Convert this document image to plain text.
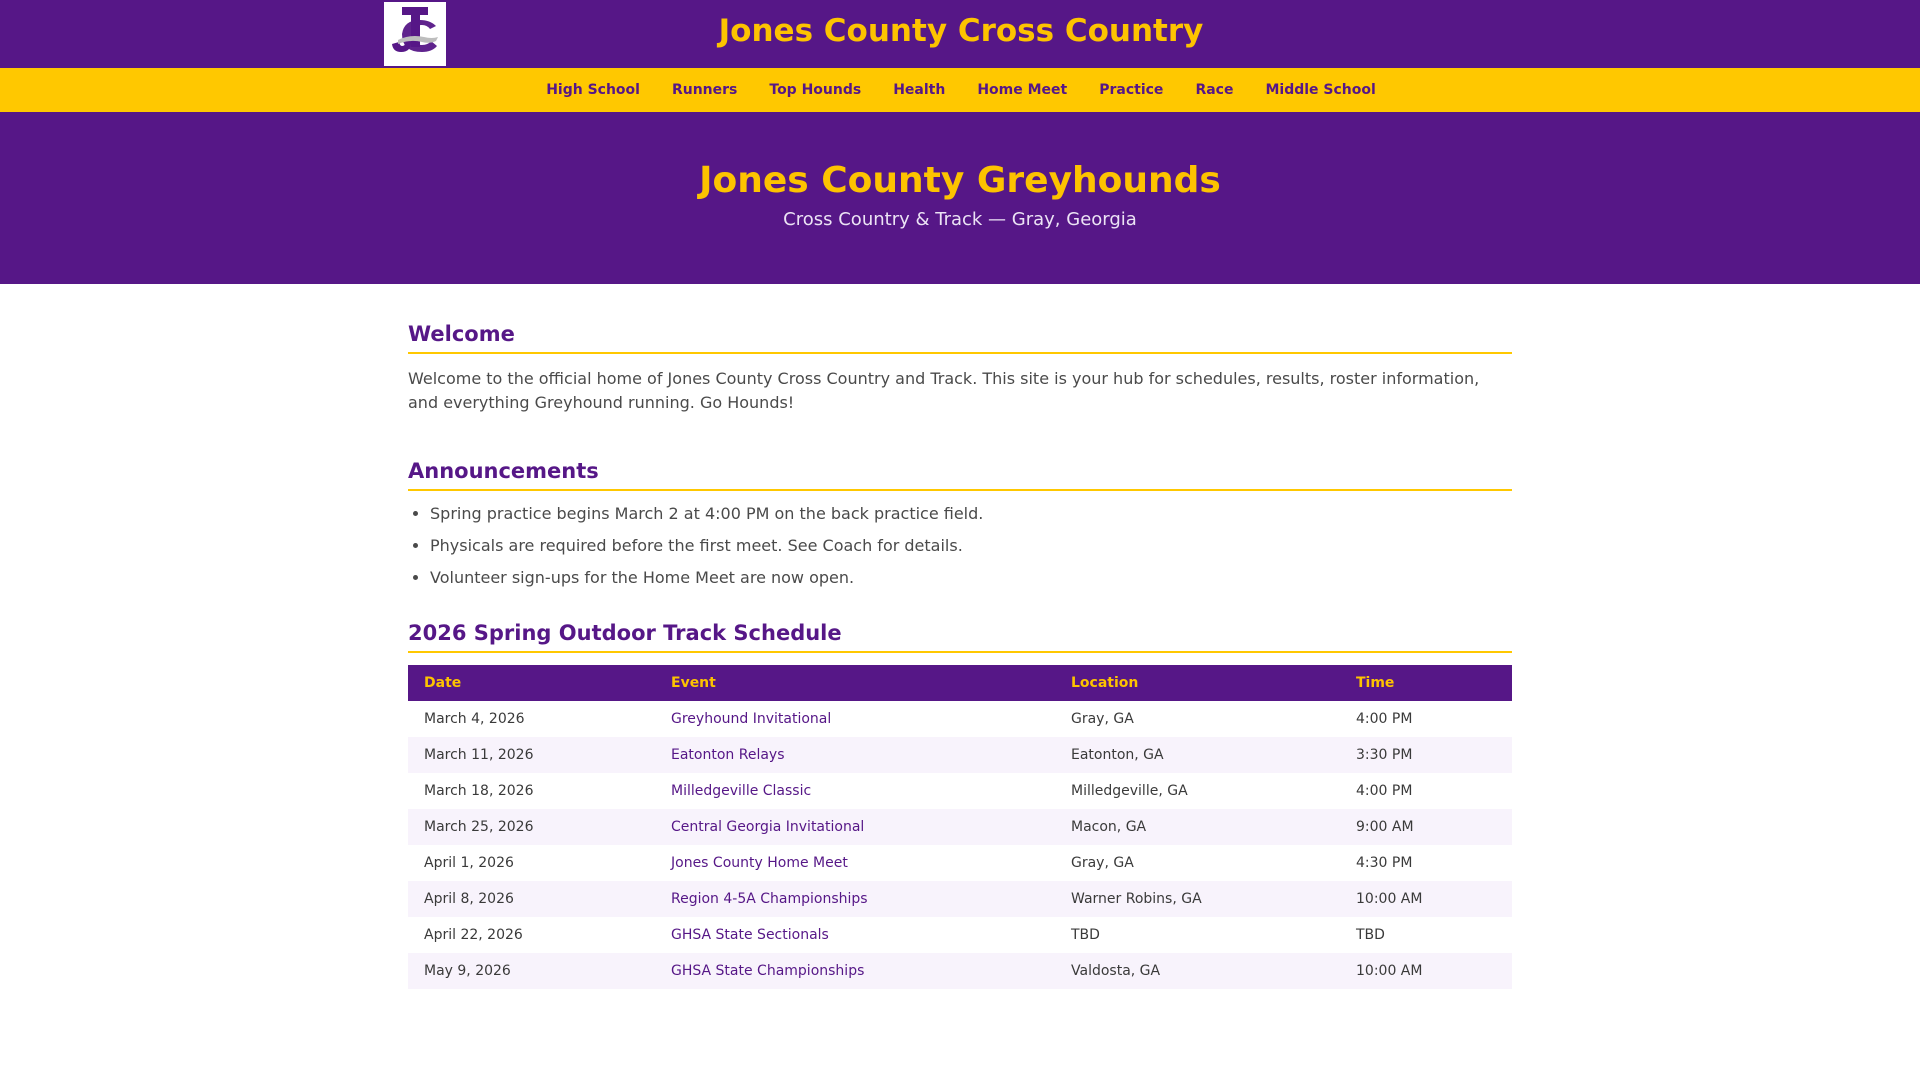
Jones County Cross Country
High School	Runners	Top Hounds	Health	Home Meet	Practice	Race	Middle School
Jones County Greyhounds
Cross Country & Track — Gray, Georgia
Welcome

Welcome to the official home of Jones County Cross Country and Track. This site is your hub for schedules, results, roster information, and everything Greyhound running. Go Hounds!

Announcements
• Spring practice begins March 2 at 4:00 PM on the back practice field.
• Physicals are required before the first meet. See Coach for details.
• Volunteer sign-ups for the Home Meet are now open.
2026 Spring Outdoor Track Schedule
Date	Event	Location	Time
March 4, 2026	Greyhound Invitational	Gray, GA	4:00 PM
March 11, 2026	Eatonton Relays	Eatonton, GA	3:30 PM
March 18, 2026	Milledgeville Classic	Milledgeville, GA	4:00 PM
March 25, 2026	Central Georgia Invitational	Macon, GA	9:00 AM
April 1, 2026	Jones County Home Meet	Gray, GA	4:30 PM
April 8, 2026	Region 4-5A Championships	Warner Robins, GA	10:00 AM
April 22, 2026	GHSA State Sectionals	TBD	TBD
May 9, 2026	GHSA State Championships	Valdosta, GA	10:00 AM
